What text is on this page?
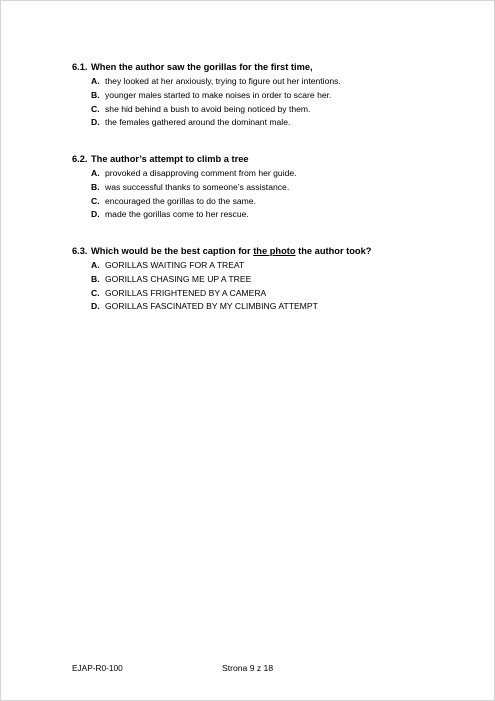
6.1. When the author saw the gorillas for the first time,
A. they looked at her anxiously, trying to figure out her intentions.
B. younger males started to make noises in order to scare her.
C. she hid behind a bush to avoid being noticed by them.
D. the females gathered around the dominant male.
6.2. The author’s attempt to climb a tree
A. provoked a disapproving comment from her guide.
B. was successful thanks to someone’s assistance.
C. encouraged the gorillas to do the same.
D. made the gorillas come to her rescue.
6.3. Which would be the best caption for the photo the author took?
A. GORILLAS WAITING FOR A TREAT
B. GORILLAS CHASING ME UP A TREE
C. GORILLAS FRIGHTENED BY A CAMERA
D. GORILLAS FASCINATED BY MY CLIMBING ATTEMPT
EJAP-R0-100	Strona 9 z 18
